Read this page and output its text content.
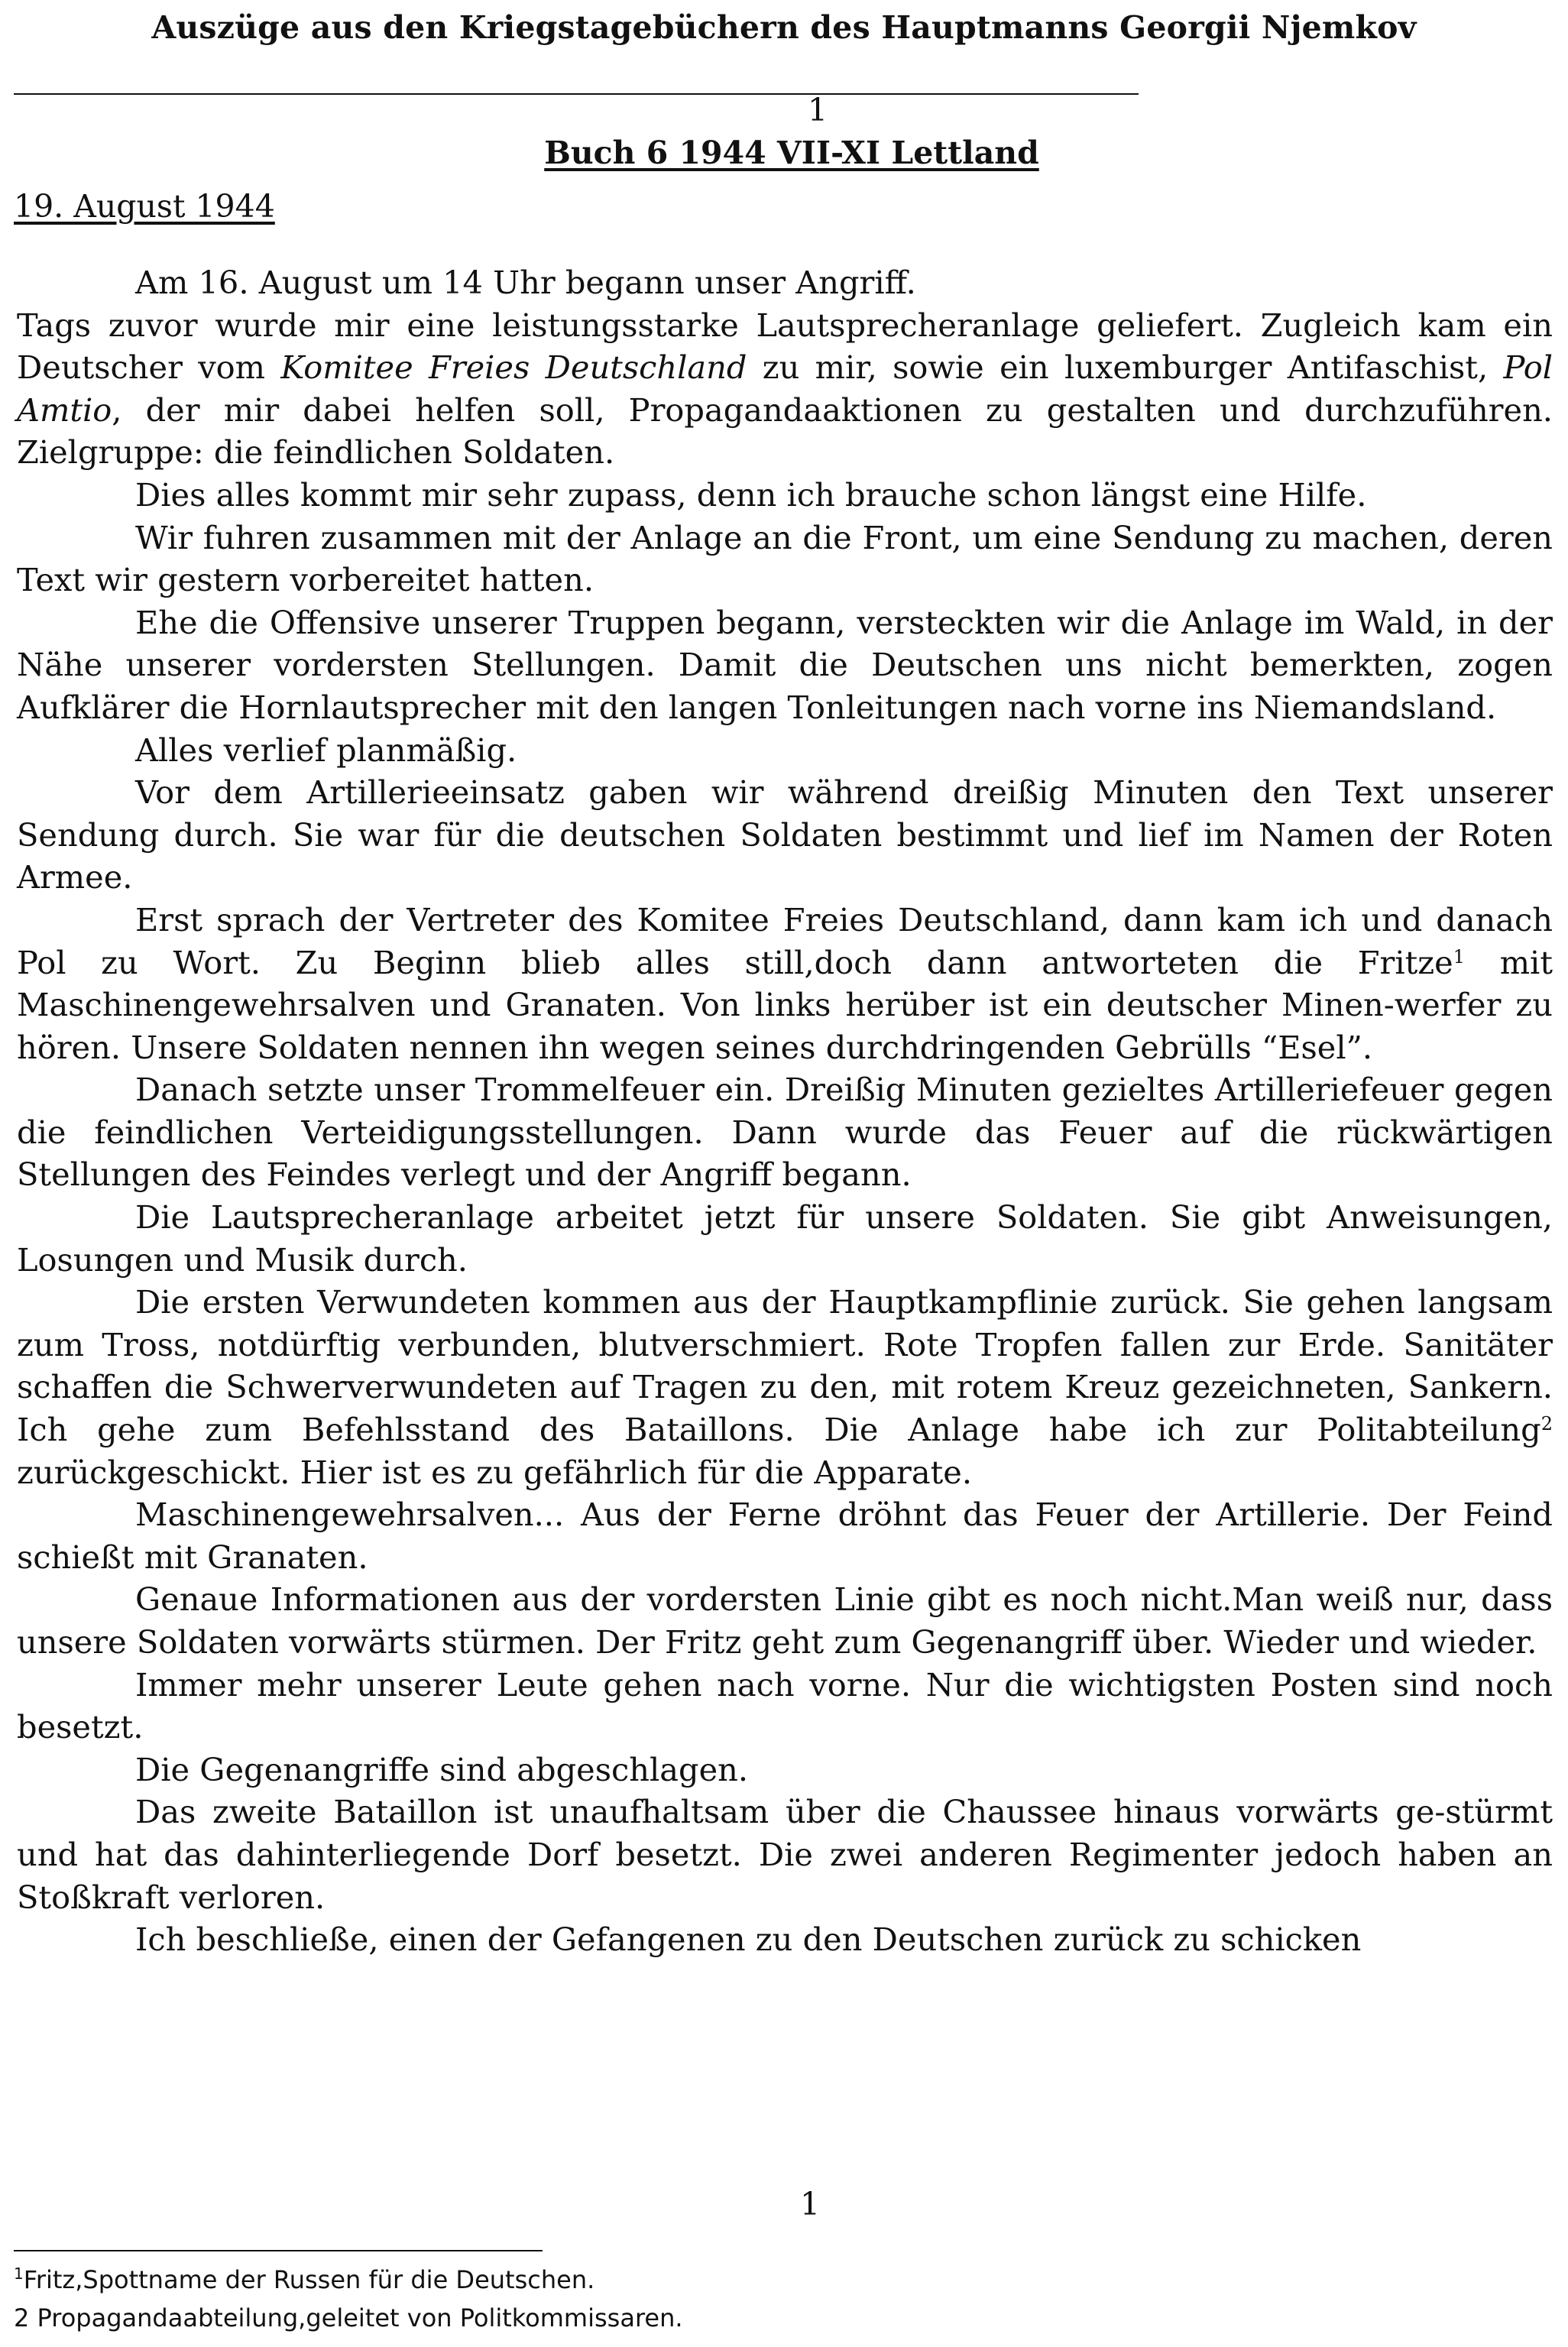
Auszüge aus den Kriegstagebüchern des Hauptmanns Georgii Njemkov
1
Buch 6 1944 VII-XI Lettland
19. August 1944

Am 16. August um 14 Uhr begann unser Angriff.

Tags zuvor wurde mir eine leistungsstarke Lautsprecheranlage geliefert. Zugleich kam ein Deutscher vom Komitee Freies Deutschland zu mir, sowie ein luxemburger Antifaschist, Pol Amtio, der mir dabei helfen soll, Propagandaaktionen zu gestalten und durchzuführen. Zielgruppe: die feindlichen Soldaten.

Dies alles kommt mir sehr zupass, denn ich brauche schon längst eine Hilfe.

Wir fuhren zusammen mit der Anlage an die Front, um eine Sendung zu machen, deren Text wir gestern vorbereitet hatten.

Ehe die Offensive unserer Truppen begann, versteckten wir die Anlage im Wald, in der Nähe unserer vordersten Stellungen. Damit die Deutschen uns nicht bemerkten, zogen Aufklärer die Hornlautsprecher mit den langen Tonleitungen nach vorne ins Niemandsland.

Alles verlief planmäßig.

Vor dem Artillerieeinsatz gaben wir während dreißig Minuten den Text unserer Sendung durch. Sie war für die deutschen Soldaten bestimmt und lief im Namen der Roten Armee.

Erst sprach der Vertreter des Komitee Freies Deutschland, dann kam ich und danach Pol zu Wort. Zu Beginn blieb alles still,doch dann antworteten die Fritze$^1$ mit Maschinengewehrsalven und Granaten. Von links herüber ist ein deutscher Minen-werfer zu hören. Unsere Soldaten nennen ihn wegen seines durchdringenden Gebrülls “Esel”.

Danach setzte unser Trommelfeuer ein. Dreißig Minuten gezieltes Artilleriefeuer gegen die feindlichen Verteidigungsstellungen. Dann wurde das Feuer auf die rückwärtigen Stellungen des Feindes verlegt und der Angriff begann.

Die Lautsprecheranlage arbeitet jetzt für unsere Soldaten. Sie gibt Anweisungen, Losungen und Musik durch.

Die ersten Verwundeten kommen aus der Hauptkampflinie zurück. Sie gehen langsam zum Tross, notdürftig verbunden, blutverschmiert. Rote Tropfen fallen zur Erde. Sanitäter schaffen die Schwerverwundeten auf Tragen zu den, mit rotem Kreuz gezeichneten, Sankern. Ich gehe zum Befehlsstand des Bataillons. Die Anlage habe ich zur Politabteilung$^2$ zurückgeschickt. Hier ist es zu gefährlich für die Apparate.

Maschinengewehrsalven... Aus der Ferne dröhnt das Feuer der Artillerie. Der Feind schießt mit Granaten.

Genaue Informationen aus der vordersten Linie gibt es noch nicht.Man weiß nur, dass unsere Soldaten vorwärts stürmen. Der Fritz geht zum Gegenangriff über. Wieder und wieder.

Immer mehr unserer Leute gehen nach vorne. Nur die wichtigsten Posten sind noch besetzt.

Die Gegenangriffe sind abgeschlagen.

Das zweite Bataillon ist unaufhaltsam über die Chaussee hinaus vorwärts ge-stürmt und hat das dahinterliegende Dorf besetzt. Die zwei anderen Regimenter jedoch haben an Stoßkraft verloren.

Ich beschließe, einen der Gefangenen zu den Deutschen zurück zu schicken

1
$^1$Fritz,Spottname der Russen für die Deutschen.
2 Propagandaabteilung,geleitet von Politkommissaren.
